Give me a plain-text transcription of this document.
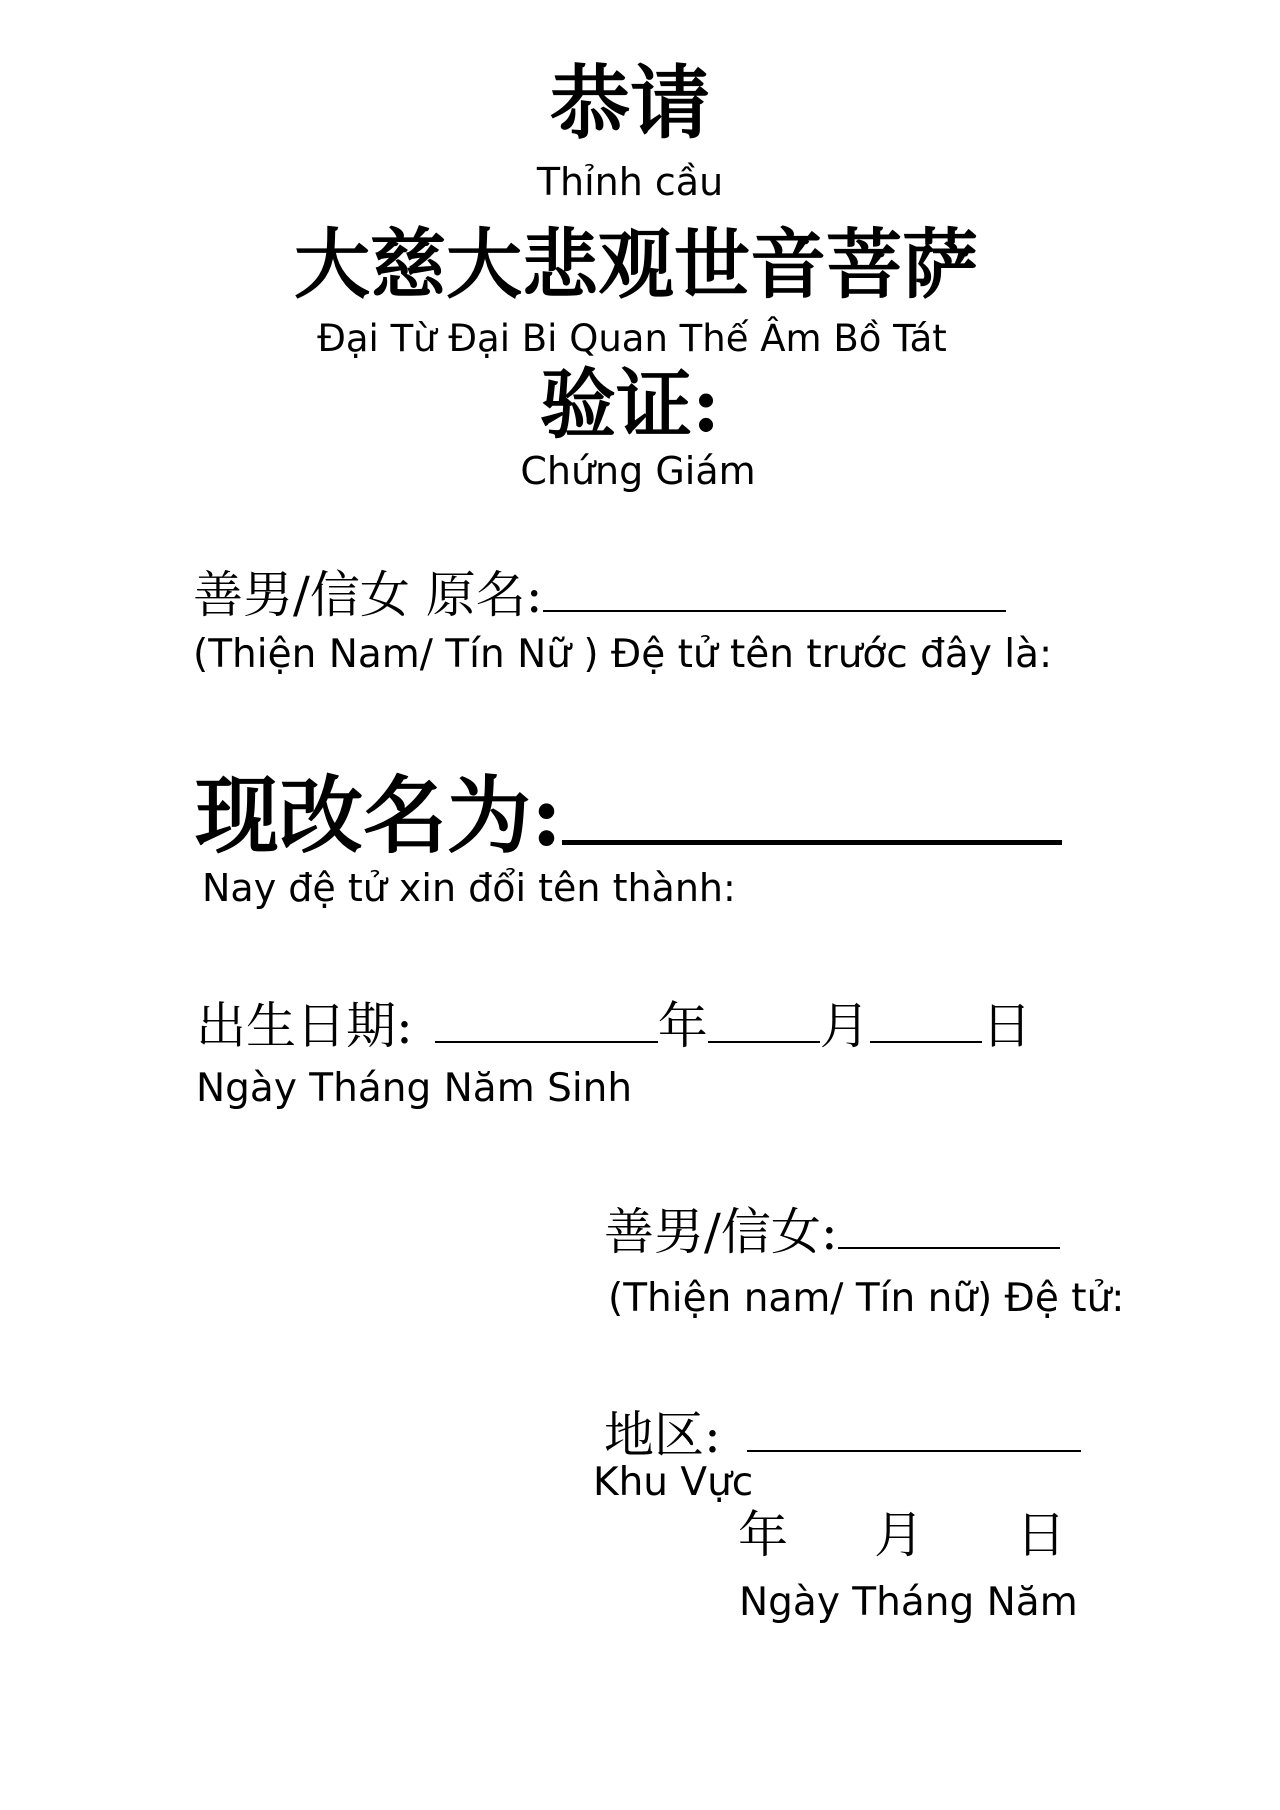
恭请
Thỉnh cầu
大慈大悲观世音菩萨
Đại Từ Đại Bi Quan Thế Âm Bồ Tát
验证:
Chứng Giám
善男/信女 原名:
(Thiện Nam/ Tín Nữ ) Đệ tử tên trước đây là:
现改名为:
Nay đệ tử xin đổi tên thành:
出生日期:	年 月 日
Ngày Tháng Năm Sinh
善男/信女:
(Thiện nam/ Tín nữ) Đệ tử:
地区:
Khu Vực
年 月 日
Ngày Tháng Năm
